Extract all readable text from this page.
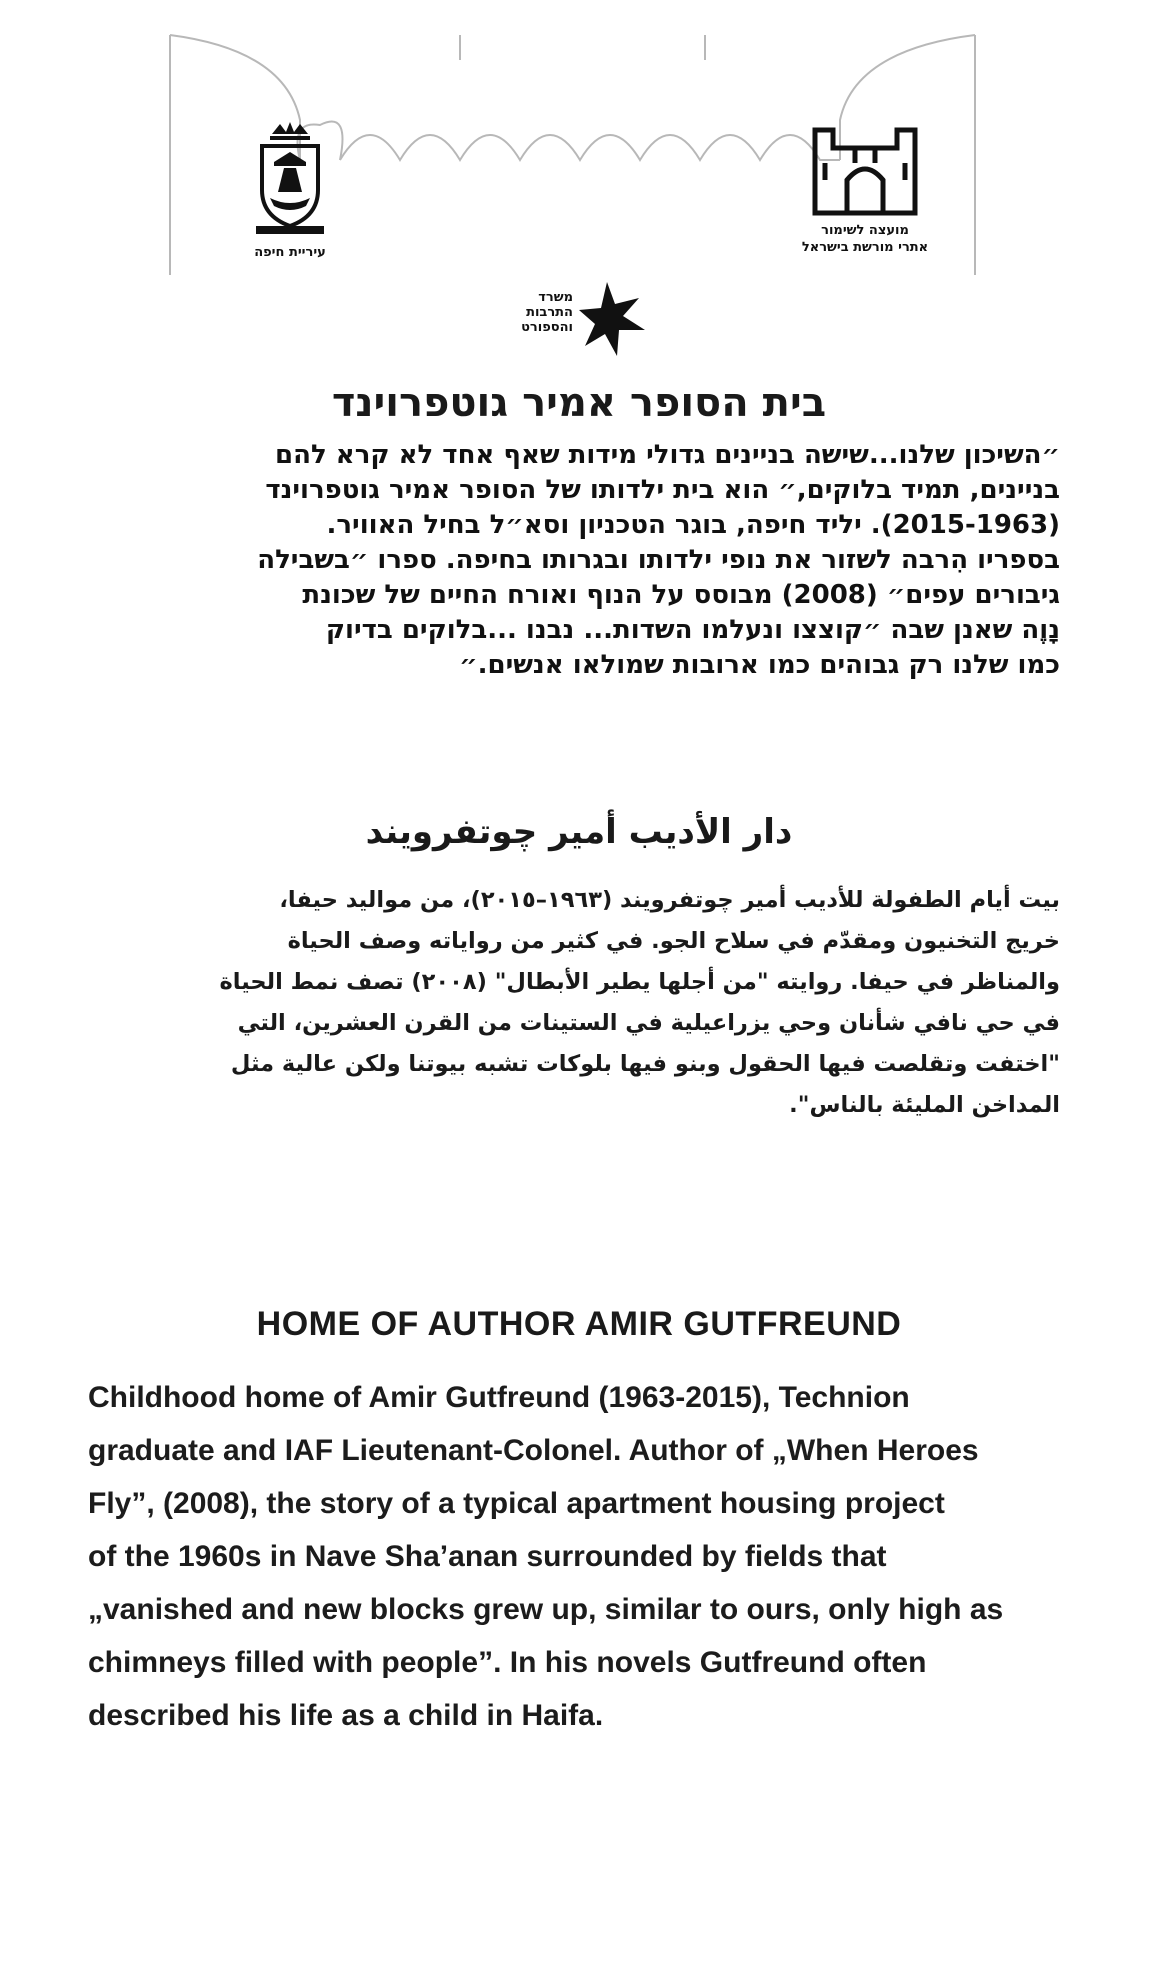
עיריית חיפה
מועצה לשימור
אתרי מורשת בישראל
משרד
התרבות
והספורט
בית הסופר אמיר גוטפרוינד
״השיכון שלנו...שישה בניינים גדולי מידות שאף אחד לא קרא להם
בניינים, תמיד בלוקים,״ הוא בית ילדותו של הסופר אמיר גוטפרוינד
(2015-1963). יליד חיפה, בוגר הטכניון וסא״ל בחיל האוויר.
בספריו הִרבה לשזור את נופי ילדותו ובגרותו בחיפה. ספרו ״בשבילה
גיבורים עפים״ (2008) מבוסס על הנוף ואורח החיים של שכונת
נָוֶה שאנן שבה ״קוצצו ונעלמו השדות... נבנו ...בלוקים בדיוק
כמו שלנו רק גבוהים כמו ארובות שמולאו אנשים.״
دار الأديب أمير چوتفرويند
بيت أيام الطفولة للأديب أمير چوتفرويند (١٩٦٣–٢٠١٥)، من مواليد حيفا،
خريج التخنيون ومقدّم في سلاح الجو. في كثير من رواياته وصف الحياة
والمناظر في حيفا. روايته "من أجلها يطير الأبطال" (٢٠٠٨) تصف نمط الحياة
في حي نافي شأنان وحي يزراعيلية في الستينات من القرن العشرين، التي
"اختفت وتقلصت فيها الحقول وبنو فيها بلوكات تشبه بيوتنا ولكن عالية مثل
المداخن المليئة بالناس".
HOME OF AUTHOR AMIR GUTFREUND
Childhood home of Amir Gutfreund (1963-2015), Technion
graduate and IAF Lieutenant-Colonel. Author of „When Heroes
Fly”, (2008), the story of a typical apartment housing project
of the 1960s in Nave Sha’anan surrounded by fields that
„vanished and new blocks grew up, similar to ours, only high as
chimneys filled with people”. In his novels Gutfreund often
described his life as a child in Haifa.
